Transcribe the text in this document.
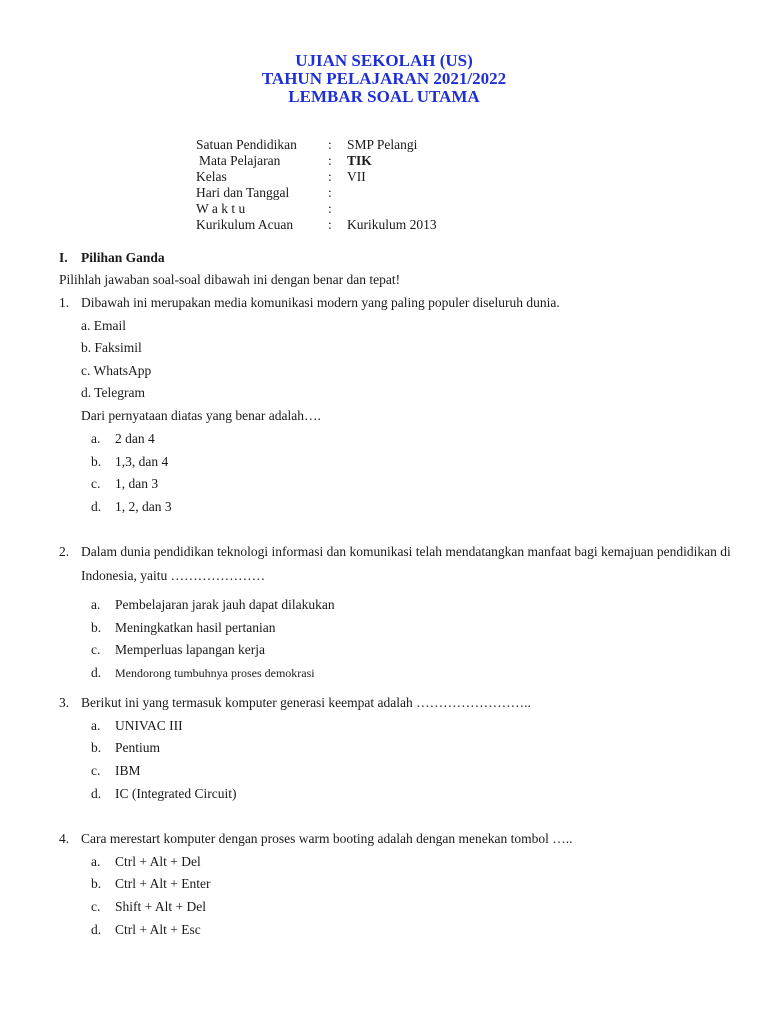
UJIAN SEKOLAH (US)
TAHUN PELAJARAN 2021/2022
LEMBAR SOAL UTAMA
Satuan Pendidikan : SMP Pelangi
Mata Pelajaran	: TIK
Kelas	: VII
Hari dan Tanggal	:
W a k t u	:
Kurikulum Acuan	: Kurikulum 2013
I. Pilihan Ganda
Pilihlah jawaban soal-soal dibawah ini dengan benar dan tepat!
1. Dibawah ini merupakan media komunikasi modern yang paling populer diseluruh dunia.
a. Email
b. Faksimil
c. WhatsApp
d. Telegram
Dari pernyataan diatas yang benar adalah….
a. 2 dan 4
b. 1,3, dan 4
c. 1, dan 3
d. 1, 2, dan 3
2. Dalam dunia pendidikan teknologi informasi dan komunikasi telah mendatangkan manfaat bagi kemajuan pendidikan di Indonesia, yaitu …………………
a. Pembelajaran jarak jauh dapat dilakukan
b. Meningkatkan hasil pertanian
c. Memperluas lapangan kerja
d. Mendorong tumbuhnya proses demokrasi
3. Berikut ini yang termasuk komputer generasi keempat adalah ……………………..
a. UNIVAC III
b. Pentium
c. IBM
d. IC (Integrated Circuit)
4. Cara merestart komputer dengan proses warm booting adalah dengan menekan tombol …..
a. Ctrl + Alt + Del
b. Ctrl + Alt + Enter
c. Shift + Alt + Del
d. Ctrl + Alt + Esc
